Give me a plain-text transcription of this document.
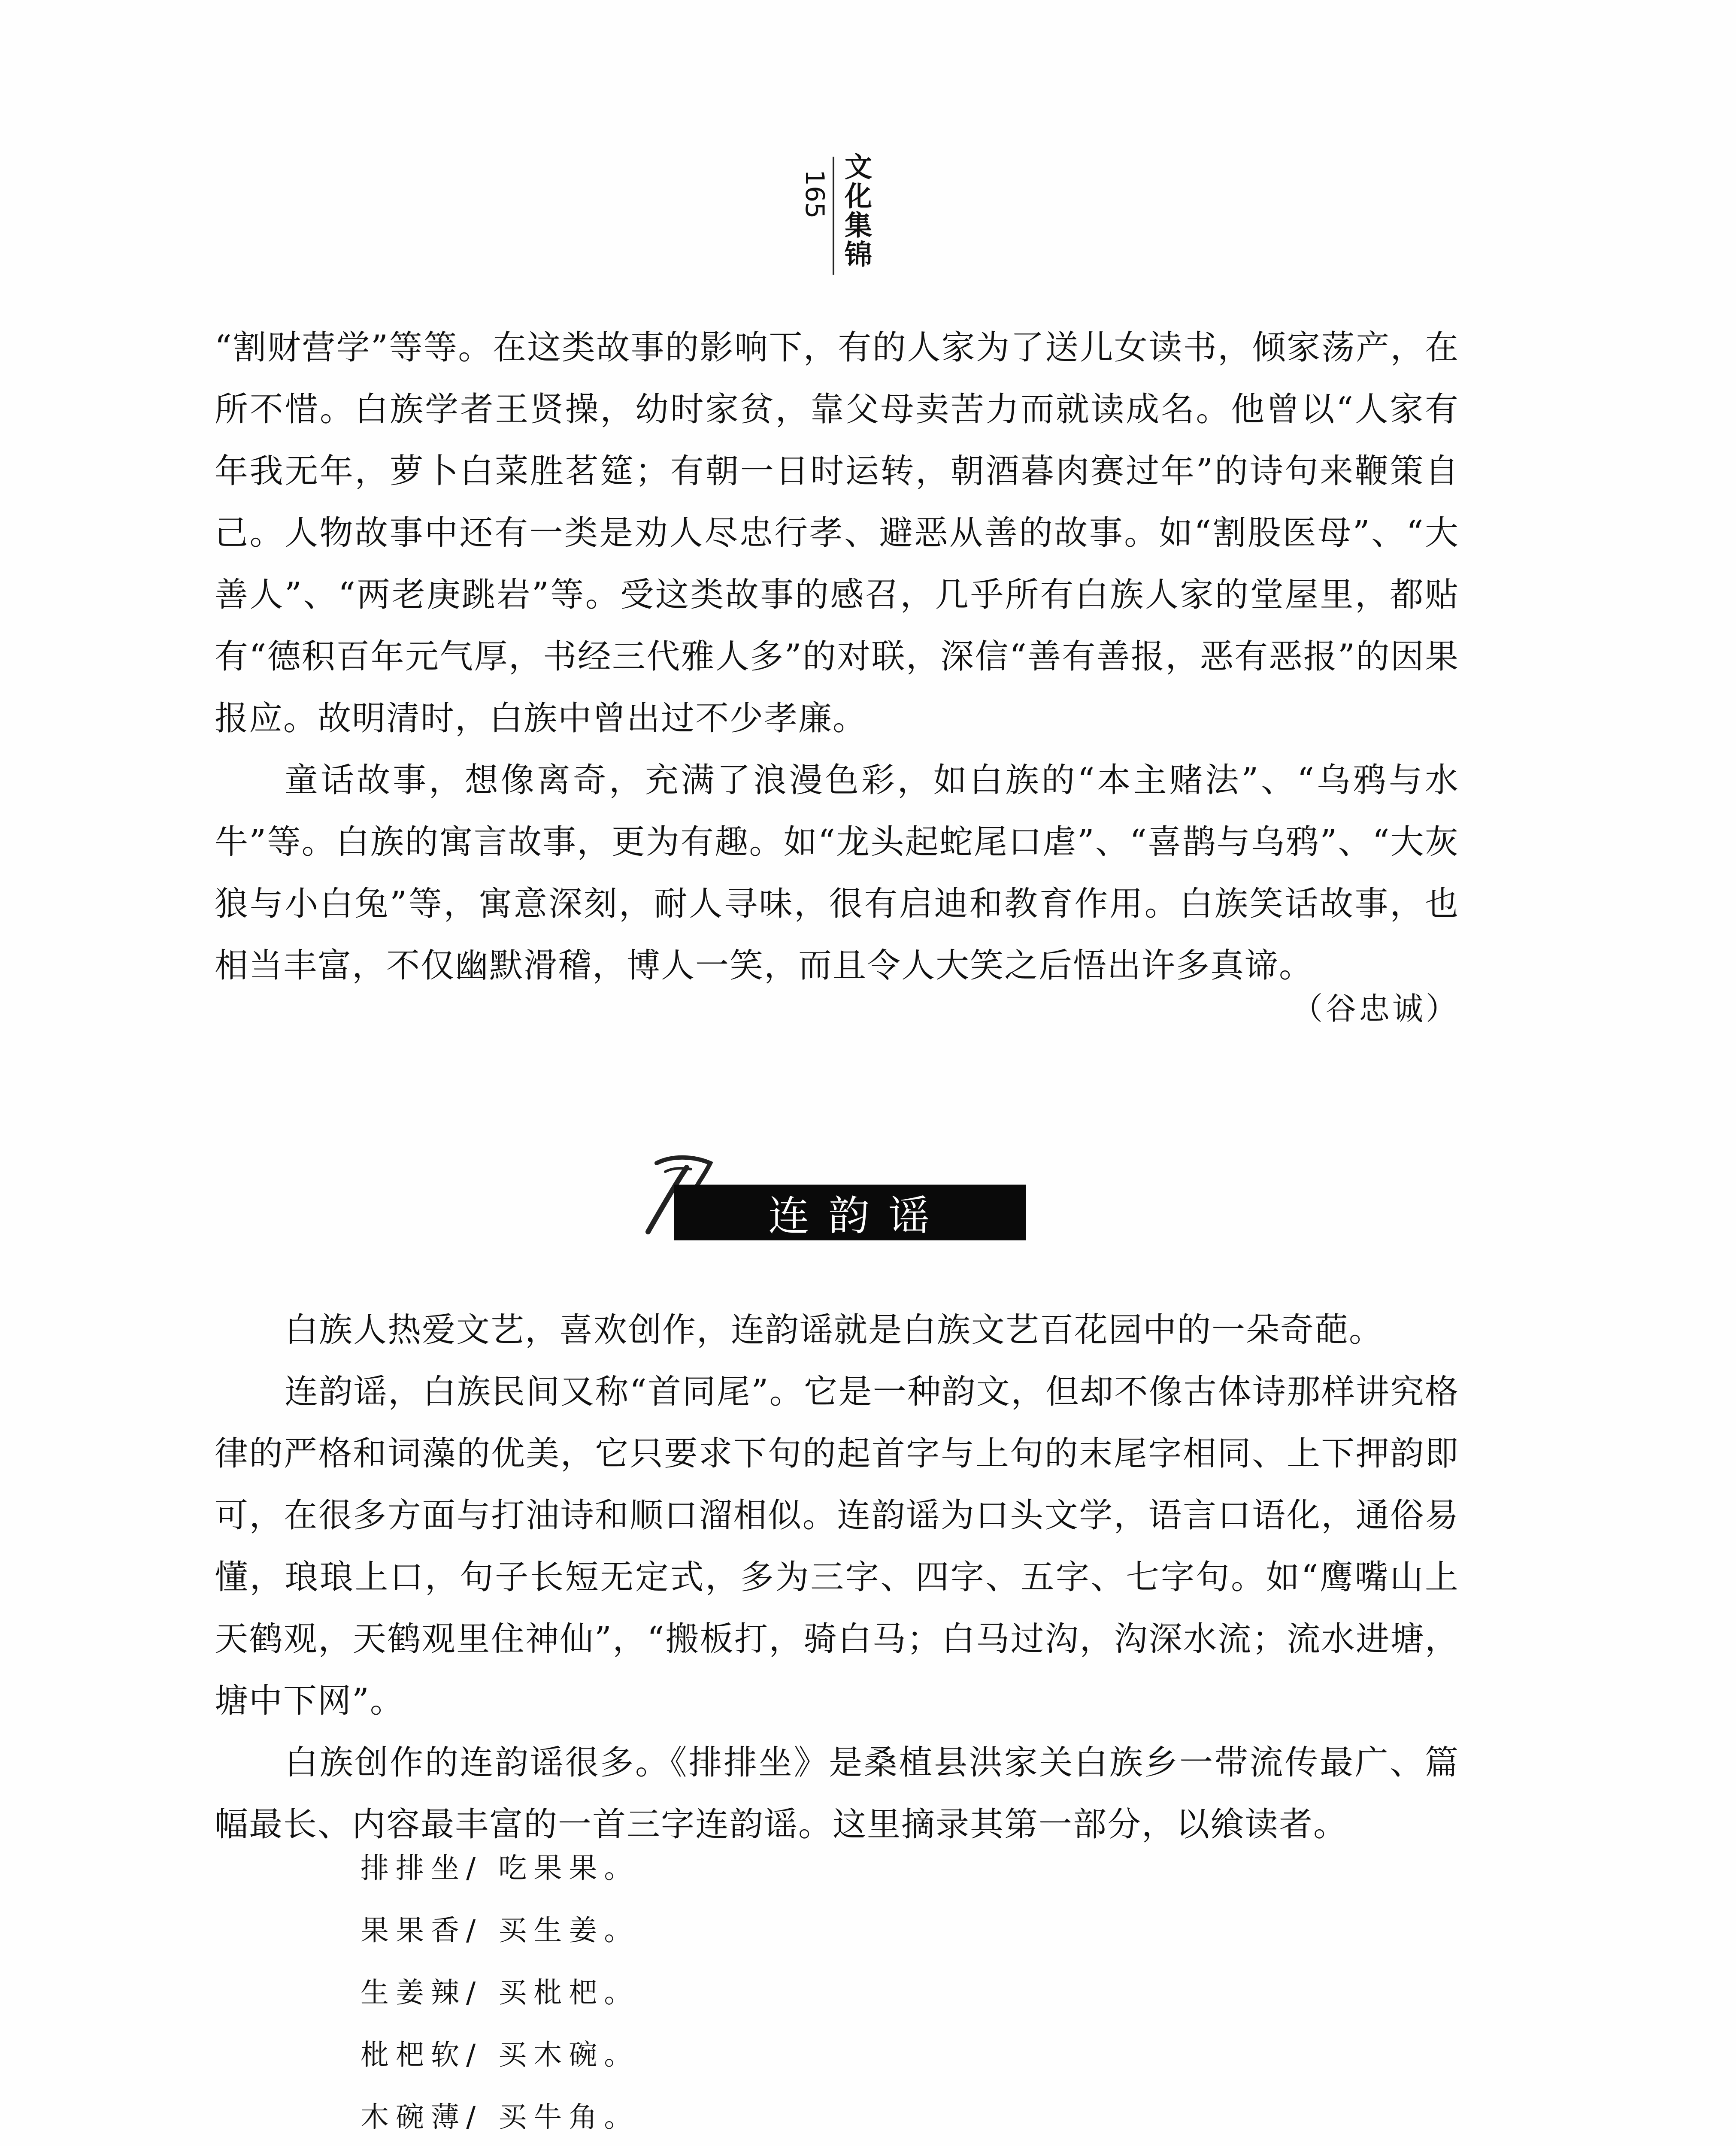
文化集锦
165

“割财营学”等等。在这类故事的影响下，有的人家为了送儿女读书，倾家荡产，在所不惜。白族学者王贤操，幼时家贫，靠父母卖苦力而就读成名。他曾以“人家有年我无年，萝卜白菜胜茗筵；有朝一日时运转，朝酒暮肉赛过年”的诗句来鞭策自己。人物故事中还有一类是劝人尽忠行孝、避恶从善的故事。如“割股医母”、“大善人”、“两老庚跳岩”等。受这类故事的感召，几乎所有白族人家的堂屋里，都贴有“德积百年元气厚，书经三代雅人多”的对联，深信“善有善报，恶有恶报”的因果报应。故明清时，白族中曾出过不少孝廉。

童话故事，想像离奇，充满了浪漫色彩，如白族的“本主赌法”、“乌鸦与水牛”等。白族的寓言故事，更为有趣。如“龙头起蛇尾口虐”、“喜鹊与乌鸦”、“大灰狼与小白兔”等，寓意深刻，耐人寻味，很有启迪和教育作用。白族笑话故事，也相当丰富，不仅幽默滑稽，博人一笑，而且令人大笑之后悟出许多真谛。

（谷忠诚）
连韵谣

白族人热爱文艺，喜欢创作，连韵谣就是白族文艺百花园中的一朵奇葩。

连韵谣，白族民间又称“首同尾”。它是一种韵文，但却不像古体诗那样讲究格律的严格和词藻的优美，它只要求下句的起首字与上句的末尾字相同、上下押韵即可，在很多方面与打油诗和顺口溜相似。连韵谣为口头文学，语言口语化，通俗易懂，琅琅上口，句子长短无定式，多为三字、四字、五字、七字句。如“鹰嘴山上天鹤观，天鹤观里住神仙”，“搬板打，骑白马；白马过沟，沟深水流；流水进塘，塘中下网”。

白族创作的连韵谣很多。《排排坐》是桑植县洪家关白族乡一带流传最广、篇幅最长、内容最丰富的一首三字连韵谣。这里摘录其第一部分，以飨读者。

排排坐/ 吃果果。
果果香/ 买生姜。
生姜辣/ 买枇杷。
枇杷软/ 买木碗。
木碗薄/ 买牛角。
